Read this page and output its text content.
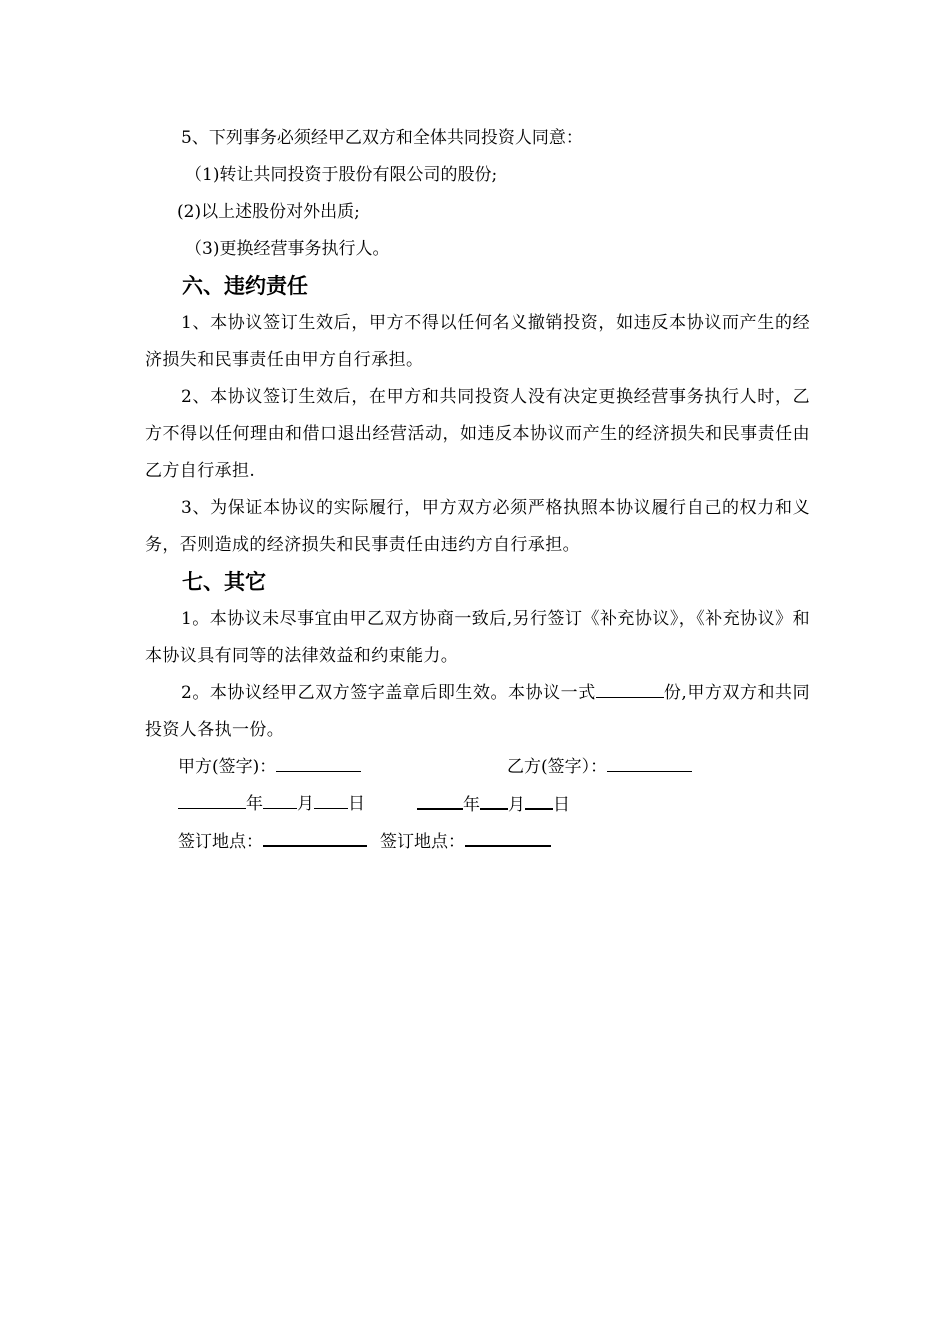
5、下列事务必须经甲乙双方和全体共同投资人同意：
（1)转让共同投资于股份有限公司的股份;
(2)以上述股份对外出质;
（3)更换经营事务执行人。
六、违约责任
1、本协议签订生效后，甲方不得以任何名义撤销投资，如违反本协议而产生的经济损失和民事责任由甲方自行承担。
2、本协议签订生效后，在甲方和共同投资人没有决定更换经营事务执行人时，乙方不得以任何理由和借口退出经营活动，如违反本协议而产生的经济损失和民事责任由乙方自行承担.
3、为保证本协议的实际履行，甲方双方必须严格执照本协议履行自己的权力和义务，否则造成的经济损失和民事责任由违约方自行承担。
七、其它
1。本协议未尽事宜由甲乙双方协商一致后,另行签订《补充协议》，《补充协议》和本协议具有同等的法律效益和约束能力。
2。本协议经甲乙双方签字盖章后即生效。本协议一式	份,甲方双方和共同投资人各执一份。
甲方(签字)：	乙方(签字）：
年 月 日	年 月 日
签订地点：	签订地点：
